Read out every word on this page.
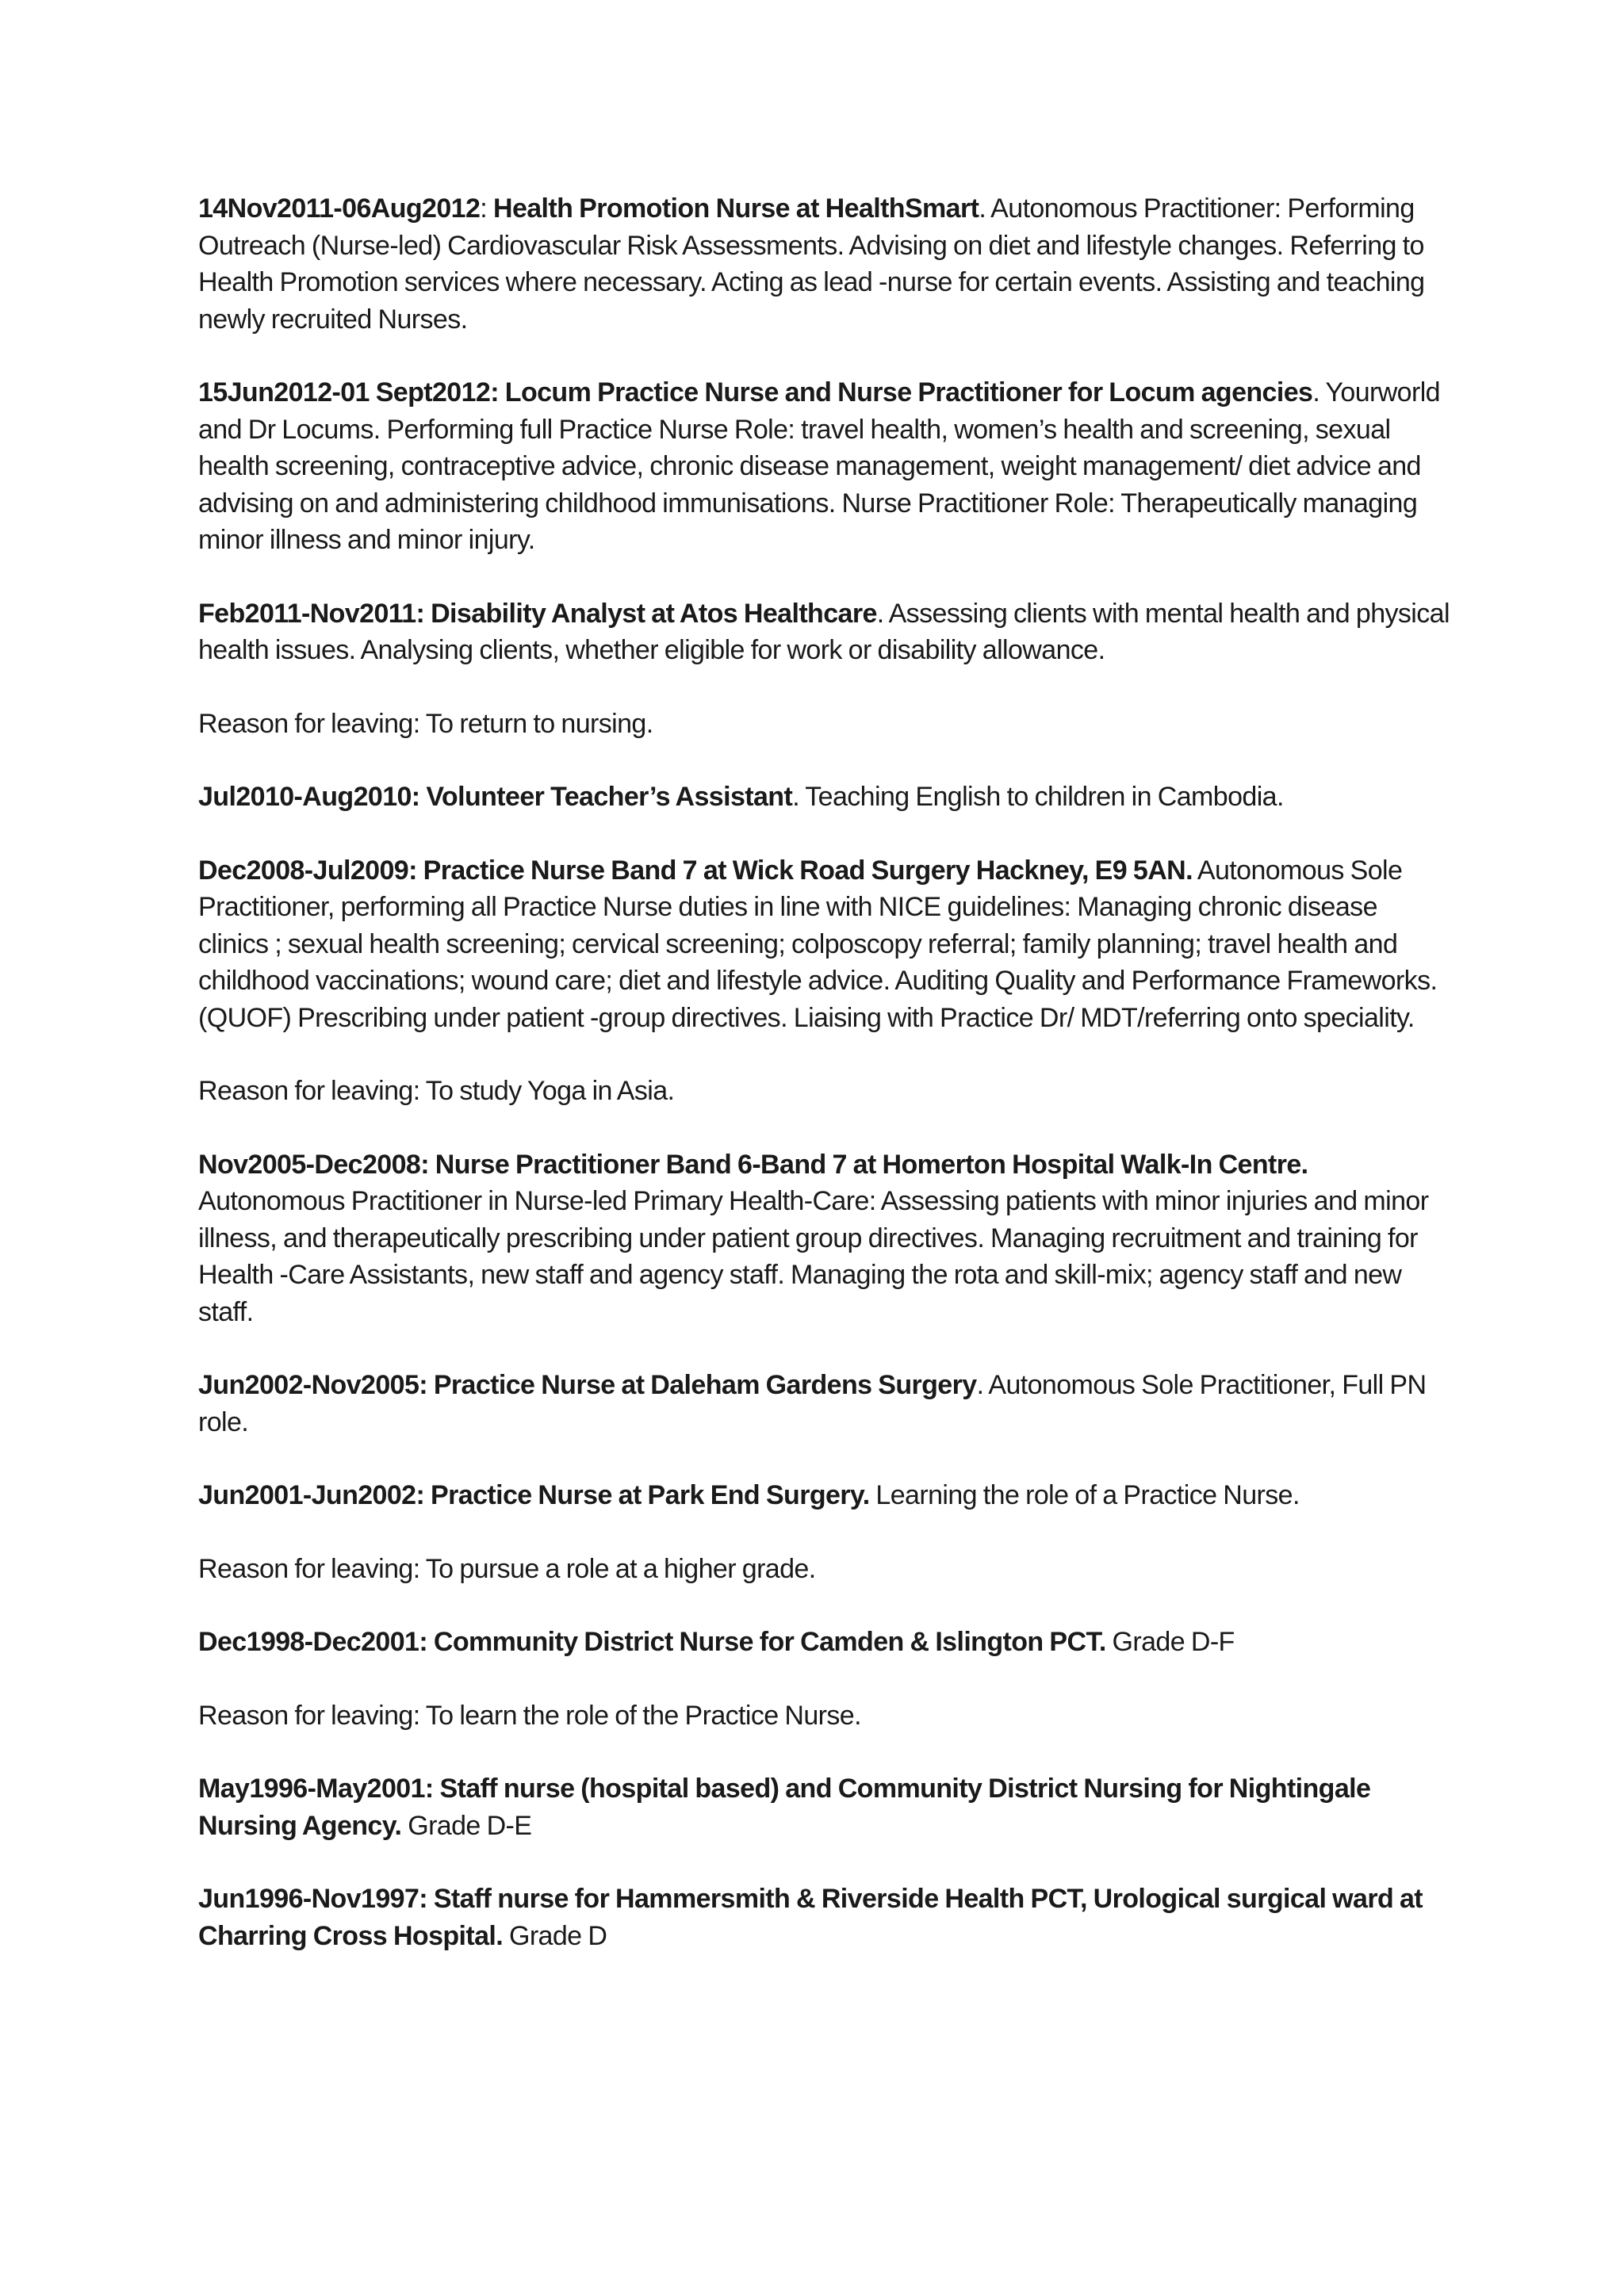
14Nov2011-06Aug2012: Health Promotion Nurse at HealthSmart. Autonomous Practitioner: Performing Outreach (Nurse-led) Cardiovascular Risk Assessments. Advising on diet and lifestyle changes. Referring to Health Promotion services where necessary. Acting as lead -nurse for certain events. Assisting and teaching newly recruited Nurses.

15Jun2012-01 Sept2012: Locum Practice Nurse and Nurse Practitioner for Locum agencies. Yourworld and Dr Locums. Performing full Practice Nurse Role: travel health, women’s health and screening, sexual health screening, contraceptive advice, chronic disease management, weight management/ diet advice and advising on and administering childhood immunisations. Nurse Practitioner Role: Therapeutically managing minor illness and minor injury.

Feb2011-Nov2011: Disability Analyst at Atos Healthcare. Assessing clients with mental health and physical health issues. Analysing clients, whether eligible for work or disability allowance.

Reason for leaving: To return to nursing.

Jul2010-Aug2010: Volunteer Teacher’s Assistant. Teaching English to children in Cambodia.

Dec2008-Jul2009: Practice Nurse Band 7 at Wick Road Surgery Hackney, E9 5AN. Autonomous Sole Practitioner, performing all Practice Nurse duties in line with NICE guidelines: Managing chronic disease clinics ; sexual health screening; cervical screening; colposcopy referral; family planning; travel health and childhood vaccinations; wound care; diet and lifestyle advice. Auditing Quality and Performance Frameworks. (QUOF) Prescribing under patient -group directives. Liaising with Practice Dr/ MDT/referring onto speciality.

Reason for leaving: To study Yoga in Asia.

Nov2005-Dec2008: Nurse Practitioner Band 6-Band 7 at Homerton Hospital Walk-In Centre. Autonomous Practitioner in Nurse-led Primary Health-Care: Assessing patients with minor injuries and minor illness, and therapeutically prescribing under patient group directives. Managing recruitment and training for Health -Care Assistants, new staff and agency staff. Managing the rota and skill-mix; agency staff and new staff.

Jun2002-Nov2005: Practice Nurse at Daleham Gardens Surgery. Autonomous Sole Practitioner, Full PN role.

Jun2001-Jun2002: Practice Nurse at Park End Surgery. Learning the role of a Practice Nurse.

Reason for leaving: To pursue a role at a higher grade.

Dec1998-Dec2001: Community District Nurse for Camden & Islington PCT. Grade D-F

Reason for leaving: To learn the role of the Practice Nurse.

May1996-May2001: Staff nurse (hospital based) and Community District Nursing for Nightingale Nursing Agency. Grade D-E

Jun1996-Nov1997: Staff nurse for Hammersmith & Riverside Health PCT, Urological surgical ward at Charring Cross Hospital. Grade D
